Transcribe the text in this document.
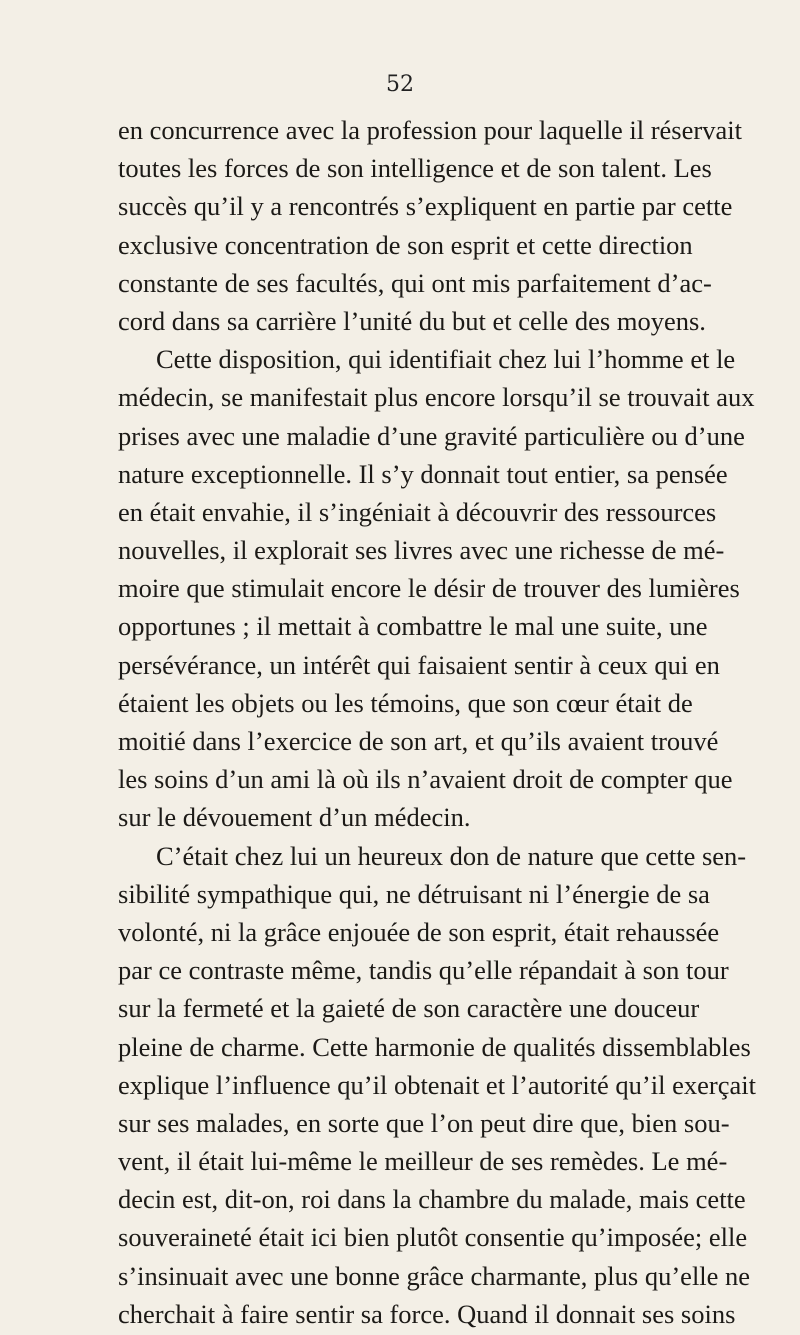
52
en concurrence avec la profession pour laquelle il réservait
toutes les forces de son intelligence et de son talent. Les
succès qu’il y a rencontrés s’expliquent en partie par cette
exclusive concentration de son esprit et cette direction
constante de ses facultés, qui ont mis parfaitement d’ac-
cord dans sa carrière l’unité du but et celle des moyens.
Cette disposition, qui identifiait chez lui l’homme et le
médecin, se manifestait plus encore lorsqu’il se trouvait aux
prises avec une maladie d’une gravité particulière ou d’une
nature exceptionnelle. Il s’y donnait tout entier, sa pensée
en était envahie, il s’ingéniait à découvrir des ressources
nouvelles, il explorait ses livres avec une richesse de mé-
moire que stimulait encore le désir de trouver des lumières
opportunes ; il mettait à combattre le mal une suite, une
persévérance, un intérêt qui faisaient sentir à ceux qui en
étaient les objets ou les témoins, que son cœur était de
moitié dans l’exercice de son art, et qu’ils avaient trouvé
les soins d’un ami là où ils n’avaient droit de compter que
sur le dévouement d’un médecin.
C’était chez lui un heureux don de nature que cette sen-
sibilité sympathique qui, ne détruisant ni l’énergie de sa
volonté, ni la grâce enjouée de son esprit, était rehaussée
par ce contraste même, tandis qu’elle répandait à son tour
sur la fermeté et la gaieté de son caractère une douceur
pleine de charme. Cette harmonie de qualités dissemblables
explique l’influence qu’il obtenait et l’autorité qu’il exerçait
sur ses malades, en sorte que l’on peut dire que, bien sou-
vent, il était lui-même le meilleur de ses remèdes. Le mé-
decin est, dit-on, roi dans la chambre du malade, mais cette
souveraineté était ici bien plutôt consentie qu’imposée; elle
s’insinuait avec une bonne grâce charmante, plus qu’elle ne
cherchait à faire sentir sa force. Quand il donnait ses soins
